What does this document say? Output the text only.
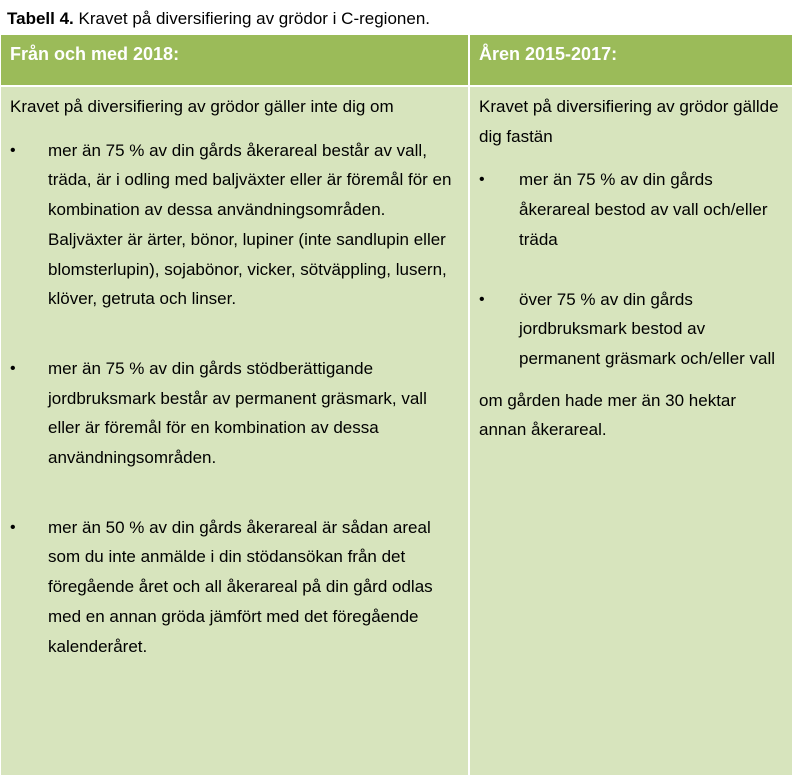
Tabell 4. Kravet på diversifiering av grödor i C-regionen.
Från och med 2018:	Åren 2015-2017:

Kravet på diversifiering av grödor gäller inte dig om

• mer än 75 % av din gårds åkerareal består av vall, träda, är i odling med baljväxter eller är föremål för en kombination av dessa användningsområden. Baljväxter är ärter, bönor, lupiner (inte sandlupin eller blomsterlupin), sojabönor, vicker, sötväppling, lusern, klöver, getruta och linser.
• mer än 75 % av din gårds stödberättigande jordbruksmark består av permanent gräsmark, vall eller är föremål för en kombination av dessa användningsområden.
• mer än 50 % av din gårds åkerareal är sådan areal som du inte anmälde i din stödansökan från det föregående året och all åkerareal på din gård odlas med en annan gröda jämfört med det föregående kalenderåret.

Kravet på diversifiering av grödor gällde dig fastän

• mer än 75 % av din gårds åkerareal bestod av vall och/eller träda
• över 75 % av din gårds jordbruksmark bestod av permanent gräsmark och/eller vall

om gården hade mer än 30 hektar annan åkerareal.
